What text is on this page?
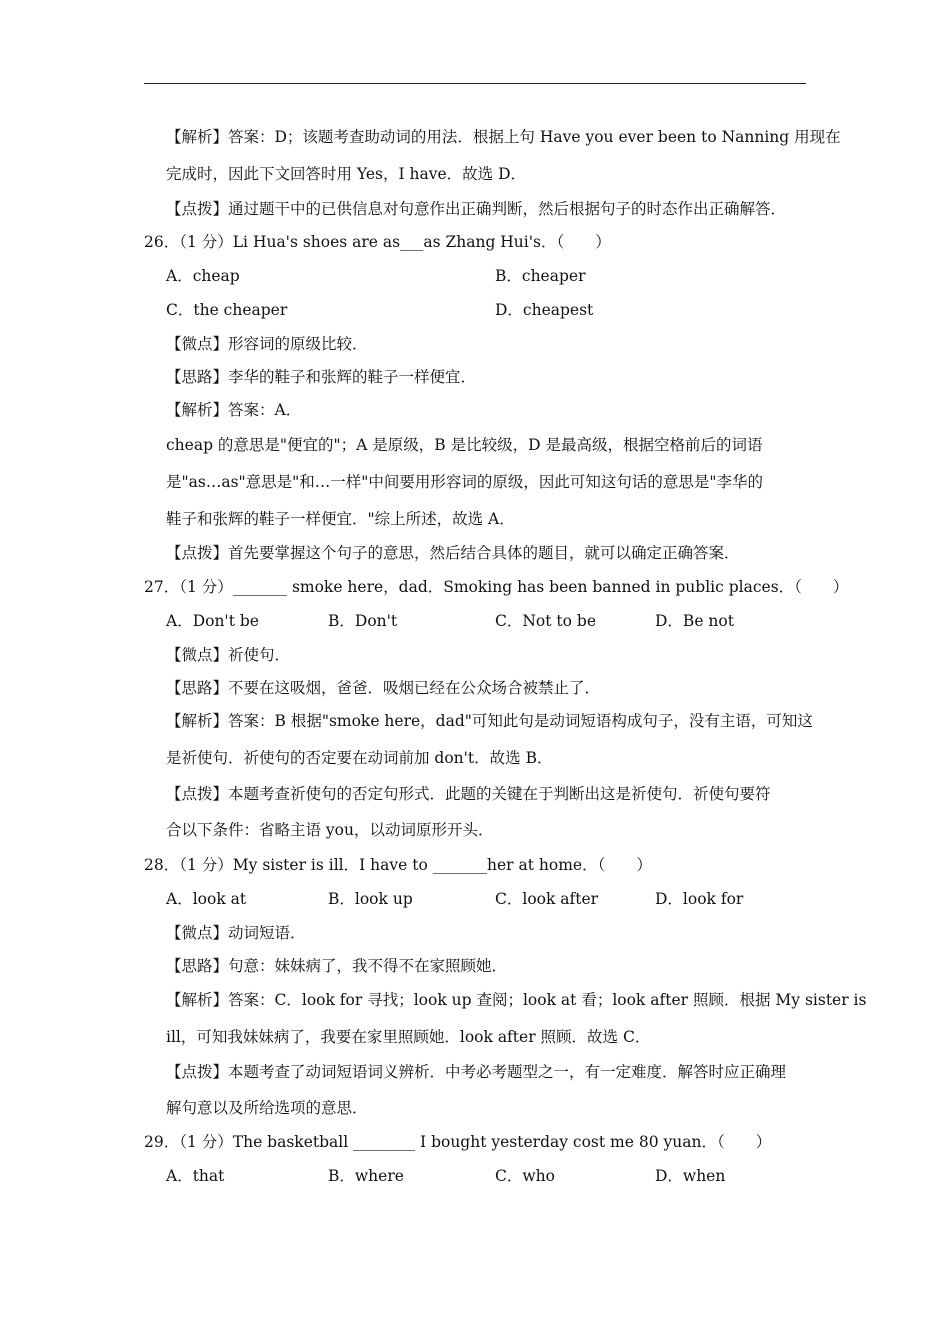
【解析】答案：D；该题考查助动词的用法．根据上句 Have you ever been to Nanning 用现在
完成时，因此下文回答时用 Yes，I have．故选 D．
【点拨】通过题干中的已供信息对句意作出正确判断，然后根据句子的时态作出正确解答．
26．（1 分）Li Hua's shoes are as___as Zhang Hui's．（　　）
A．cheap	B．cheaper
C．the cheaper	D．cheapest
【微点】形容词的原级比较．
【思路】李华的鞋子和张辉的鞋子一样便宜．
【解析】答案：A．
cheap 的意思是"便宜的"；A 是原级，B 是比较级，D 是最高级，根据空格前后的词语
是"as…as"意思是"和…一样"中间要用形容词的原级，因此可知这句话的意思是"李华的
鞋子和张辉的鞋子一样便宜．"综上所述，故选 A．
【点拨】首先要掌握这个句子的意思，然后结合具体的题目，就可以确定正确答案．
27．（1 分）_______ smoke here，dad．Smoking has been banned in public places．（　　）
A．Don't be	B．Don't	C．Not to be	D．Be not
【微点】祈使句．
【思路】不要在这吸烟，爸爸．吸烟已经在公众场合被禁止了．
【解析】答案：B 根据"smoke here，dad"可知此句是动词短语构成句子，没有主语，可知这
是祈使句．祈使句的否定要在动词前加 don't．故选 B．
【点拨】本题考查祈使句的否定句形式．此题的关键在于判断出这是祈使句．祈使句要符
合以下条件：省略主语 you，以动词原形开头．
28．（1 分）My sister is ill．I have to _______her at home．（　　）
A．look at	B．look up	C．look after	D．look for
【微点】动词短语．
【思路】句意：妹妹病了，我不得不在家照顾她．
【解析】答案：C．look for 寻找；look up 查阅；look at 看；look after 照顾．根据 My sister is
ill，可知我妹妹病了，我要在家里照顾她．look after 照顾．故选 C．
【点拨】本题考查了动词短语词义辨析．中考必考题型之一，有一定难度．解答时应正确理
解句意以及所给选项的意思．
29．（1 分）The basketball ________ I bought yesterday cost me 80 yuan．（　　）
A．that	B．where	C．who	D．when
